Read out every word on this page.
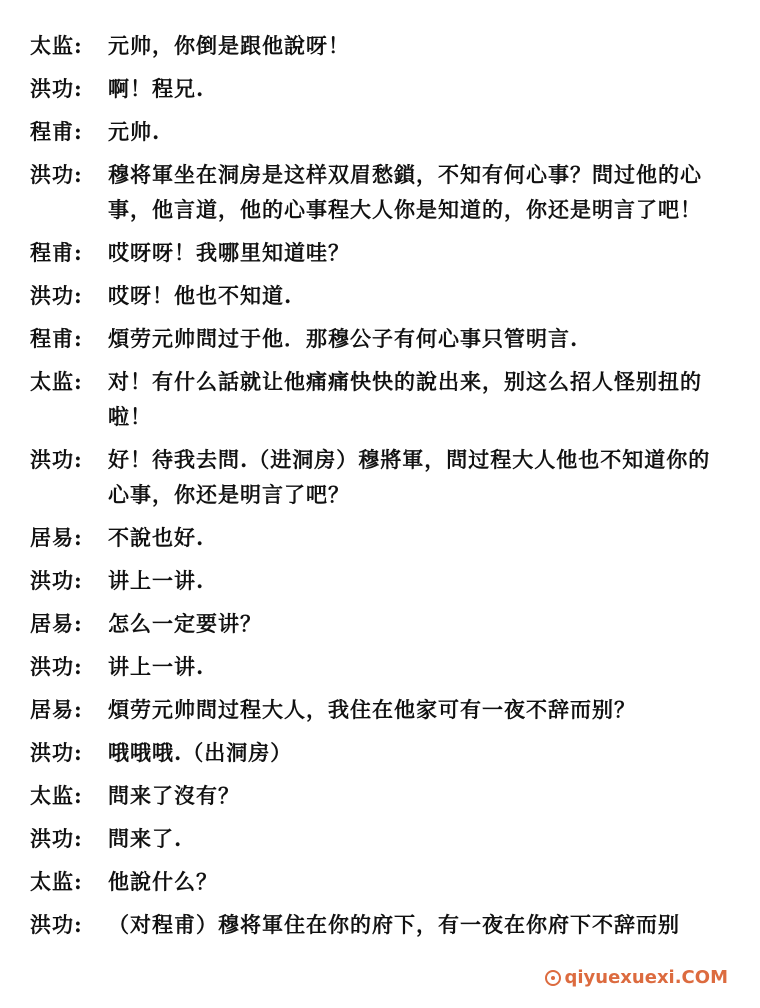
太监:	元帅，你倒是跟他說呀！
洪功:	啊！程兄.
程甫:	元帅.
洪功:	穆将軍坐在洞房是这样双眉愁鎖，不知有何心事？問过他的心事，他言道，他的心事程大人你是知道的，你还是明言了吧！
程甫:	哎呀呀！我哪里知道哇？
洪功:	哎呀！他也不知道.
程甫:	煩劳元帅問过于他．那穆公子有何心事只管明言.
太监:	对！有什么話就让他痛痛快快的說出来，别这么招人怪别扭的啦！
洪功:	好！待我去問.（进洞房）穆將軍，問过程大人他也不知道你的心事，你还是明言了吧？
居易:	不說也好.
洪功:	讲上一讲.
居易:	怎么一定要讲？
洪功:	讲上一讲.
居易:	煩劳元帅問过程大人，我住在他家可有一夜不辞而别？
洪功:	哦哦哦.（出洞房）
太监:	問来了沒有？
洪功:	問来了.
太监:	他說什么？
洪功:	（对程甫）穆将軍住在你的府下，有一夜在你府下不辞而别
qiyuexuexi.COM
